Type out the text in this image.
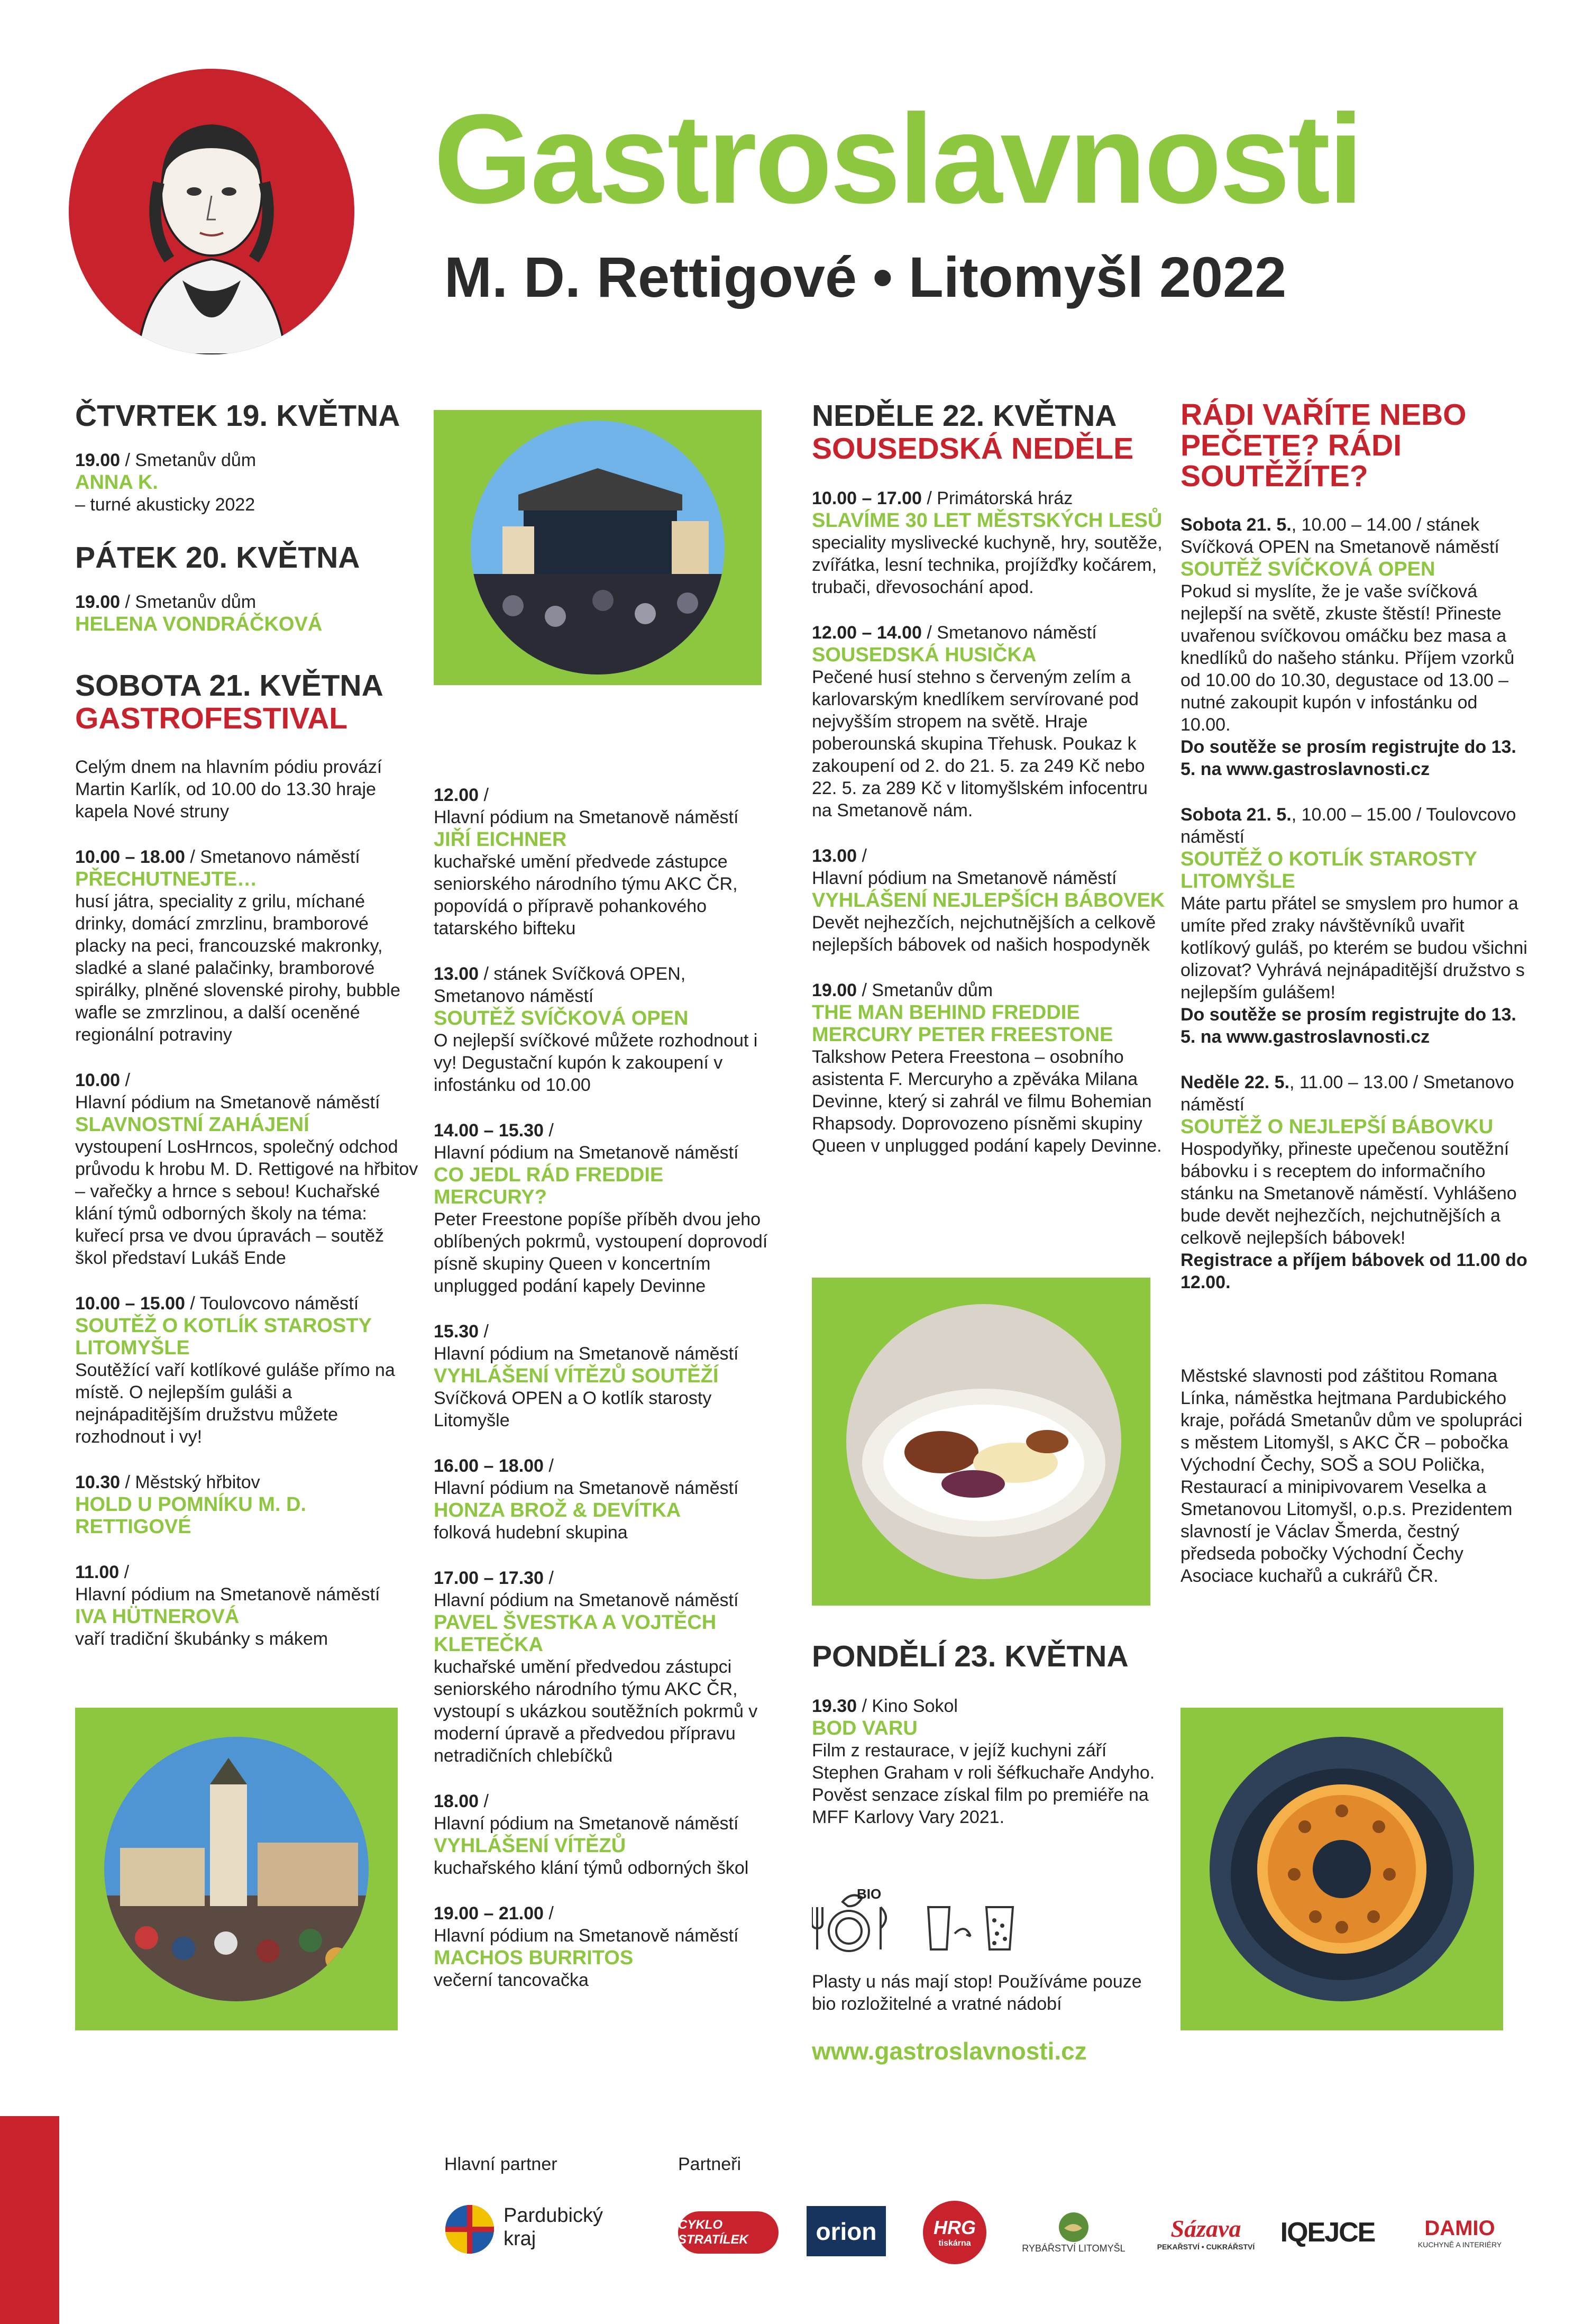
Gastroslavnosti
M. D. Rettigové • Litomyšl 2022
ČTVRTEK 19. KVĚTNA
19.00 / Smetanův dům
ANNA K.
– turné akusticky 2022
PÁTEK 20. KVĚTNA
19.00 / Smetanův dům
HELENA VONDRÁČKOVÁ
SOBOTA 21. KVĚTNA
GASTROFESTIVAL
Celým dnem na hlavním pódiu provází Martin Karlík, od 10.00 do 13.30 hraje kapela Nové struny
10.00 – 18.00 / Smetanovo náměstí
PŘECHUTNEJTE…
husí játra, speciality z grilu, míchané drinky, domácí zmrzlinu, bramborové placky na peci, francouzské makronky, sladké a slané palačinky, bramborové spirálky, plněné slovenské pirohy, bubble wafle se zmrzlinou, a další oceněné regionální potraviny
10.00 /
Hlavní pódium na Smetanově náměstí
SLAVNOSTNÍ ZAHÁJENÍ
vystoupení LosHrncos, společný odchod průvodu k hrobu M. D. Rettigové na hřbitov – vařečky a hrnce s sebou! Kuchařské klání týmů odborných školy na téma: kuřecí prsa ve dvou úpravách – soutěž škol představí Lukáš Ende
10.00 – 15.00 / Toulovcovo náměstí
SOUTĚŽ O KOTLÍK STAROSTY LITOMYŠLE
Soutěžící vaří kotlíkové guláše přímo na místě. O nejlepším guláši a nejnápaditějším družstvu můžete rozhodnout i vy!
10.30 / Městský hřbitov
HOLD U POMNÍKU M. D. RETTIGOVÉ
11.00 /
Hlavní pódium na Smetanově náměstí
IVA HÜTNEROVÁ
vaří tradiční škubánky s mákem
12.00 /
Hlavní pódium na Smetanově náměstí
JIŘÍ EICHNER
kuchařské umění předvede zástupce seniorského národního týmu AKC ČR, popovídá o přípravě pohankového tatarského bifteku
13.00 / stánek Svíčková OPEN,
Smetanovo náměstí
SOUTĚŽ SVÍČKOVÁ OPEN
O nejlepší svíčkové můžete rozhodnout i vy! Degustační kupón k zakoupení v infostánku od 10.00
14.00 – 15.30 /
Hlavní pódium na Smetanově náměstí
CO JEDL RÁD FREDDIE MERCURY?
Peter Freestone popíše příběh dvou jeho oblíbených pokrmů, vystoupení doprovodí písně skupiny Queen v koncertním unplugged podání kapely Devinne
15.30 /
Hlavní pódium na Smetanově náměstí
VYHLÁŠENÍ VÍTĚZŮ SOUTĚŽÍ
Svíčková OPEN a O kotlík starosty Litomyšle
16.00 – 18.00 /
Hlavní pódium na Smetanově náměstí
HONZA BROŽ & DEVÍTKA
folková hudební skupina
17.00 – 17.30 /
Hlavní pódium na Smetanově náměstí
PAVEL ŠVESTKA A VOJTĚCH KLETEČKA
kuchařské umění předvedou zástupci seniorského národního týmu AKC ČR, vystoupí s ukázkou soutěžních pokrmů v moderní úpravě a předvedou přípravu netradičních chlebíčků
18.00 /
Hlavní pódium na Smetanově náměstí
VYHLÁŠENÍ VÍTĚZŮ
kuchařského klání týmů odborných škol
19.00 – 21.00 /
Hlavní pódium na Smetanově náměstí
MACHOS BURRITOS
večerní tancovačka
NEDĚLE 22. KVĚTNA
SOUSEDSKÁ NEDĚLE
10.00 – 17.00 / Primátorská hráz
SLAVÍME 30 LET MĚSTSKÝCH LESŮ
speciality myslivecké kuchyně, hry, soutěže, zvířátka, lesní technika, projížďky kočárem, trubači, dřevosochání apod.
12.00 – 14.00 / Smetanovo náměstí
SOUSEDSKÁ HUSIČKA
Pečené husí stehno s červeným zelím a karlovarským knedlíkem servírované pod nejvyšším stropem na světě. Hraje poberounská skupina Třehusk. Poukaz k zakoupení od 2. do 21. 5. za 249 Kč nebo 22. 5. za 289 Kč v litomyšlském infocentru na Smetanově nám.
13.00 /
Hlavní pódium na Smetanově náměstí
VYHLÁŠENÍ NEJLEPŠÍCH BÁBOVEK
Devět nejhezčích, nejchutnějších a celkově nejlepších bábovek od našich hospodyněk
19.00 / Smetanův dům
THE MAN BEHIND FREDDIE MERCURY PETER FREESTONE
Talkshow Petera Freestona – osobního asistenta F. Mercuryho a zpěváka Milana Devinne, který si zahrál ve filmu Bohemian Rhapsody. Doprovozeno písněmi skupiny Queen v unplugged podání kapely Devinne.
PONDĚLÍ 23. KVĚTNA
19.30 / Kino Sokol
BOD VARU
Film z restaurace, v jejíž kuchyni září Stephen Graham v roli šéfkuchaře Andyho. Pověst senzace získal film po premiéře na MFF Karlovy Vary 2021.
BIO
Plasty u nás mají stop! Používáme pouze bio rozložitelné a vratné nádobí
www.gastroslavnosti.cz
RÁDI VAŘÍTE NEBO PEČETE? RÁDI SOUTĚŽÍTE?
Sobota 21. 5., 10.00 – 14.00 / stánek Svíčková OPEN na Smetanově náměstí
SOUTĚŽ SVÍČKOVÁ OPEN
Pokud si myslíte, že je vaše svíčková nejlepší na světě, zkuste štěstí! Přineste uvařenou svíčkovou omáčku bez masa a knedlíků do našeho stánku. Příjem vzorků od 10.00 do 10.30, degustace od 13.00 – nutné zakoupit kupón v infostánku od 10.00.
Do soutěže se prosím registrujte do 13. 5. na www.gastroslavnosti.cz
Sobota 21. 5., 10.00 – 15.00 / Toulovcovo náměstí
SOUTĚŽ O KOTLÍK STAROSTY LITOMYŠLE
Máte partu přátel se smyslem pro humor a umíte před zraky návštěvníků uvařit kotlíkový guláš, po kterém se budou všichni olizovat? Vyhrává nejnápaditější družstvo s nejlepším gulášem!
Do soutěže se prosím registrujte do 13. 5. na www.gastroslavnosti.cz
Neděle 22. 5., 11.00 – 13.00 / Smetanovo náměstí
SOUTĚŽ O NEJLEPŠÍ BÁBOVKU
Hospodyňky, přineste upečenou soutěžní bábovku i s receptem do informačního stánku na Smetanově náměstí. Vyhlášeno bude devět nejhezčích, nejchutnějších a celkově nejlepších bábovek!
Registrace a příjem bábovek od 11.00 do 12.00.
Městské slavnosti pod záštitou Romana Línka, náměstka hejtmana Pardubického kraje, pořádá Smetanův dům ve spolupráci s městem Litomyšl, s AKC ČR – pobočka Východní Čechy, SOŠ a SOU Polička, Restaurací a minipivovarem Veselka a Smetanovou Litomyšl, o.p.s. Prezidentem slavností je Václav Šmerda, čestný předseda pobočky Východní Čechy Asociace kuchařů a cukrářů ČR.
Hlavní partner	Partneři
Pardubický
kraj
CYKLO STRATÍLEK	orion	HRG
tiskárna	RYBÁŘSTVÍ LITOMYŠL
Sázava
PEKAŘSTVÍ • CUKRÁŘSTVÍ IQEJCE DAMIO
KUCHYNĚ A INTERIÉRY
